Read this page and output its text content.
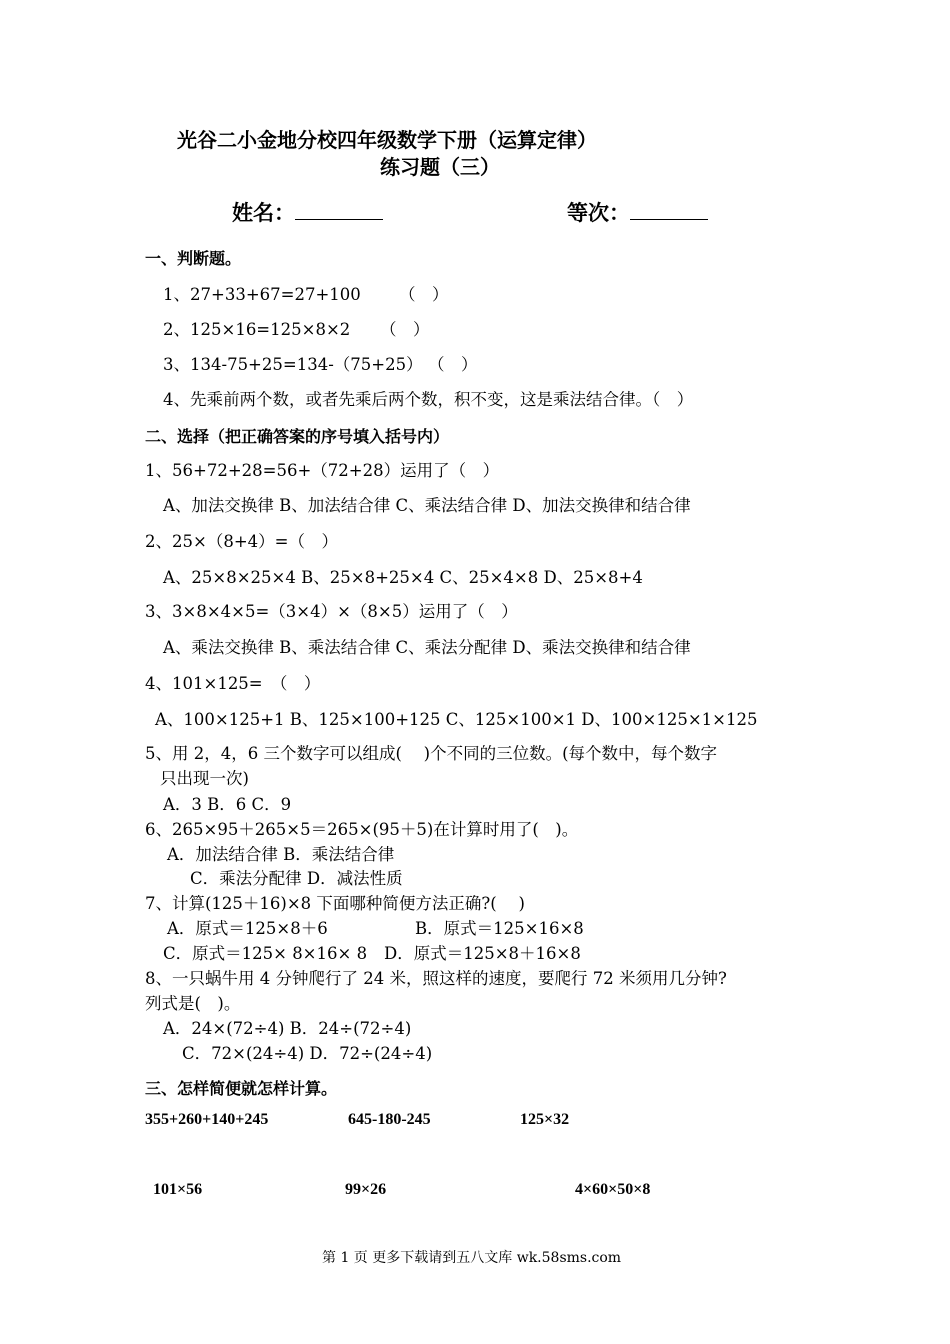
光谷二小金地分校四年级数学下册（运算定律）
练习题（三）
姓名：	等次：
一、判断题。
1、27+33+67=27+100 （　）
2、125×16=125×8×2 （　）
3、134-75+25=134-（75+25） （　）
4、先乘前两个数，或者先乘后两个数，积不变，这是乘法结合律。（　）
二、选择（把正确答案的序号填入括号内）
1、56+72+28=56+（72+28）运用了（　）
A、加法交换律 B、加法结合律 C、乘法结合律 D、加法交换律和结合律
2、25×（8+4）=（　）
A、25×8×25×4 B、25×8+25×4 C、25×4×8 D、25×8+4
3、3×8×4×5=（3×4）×（8×5）运用了（　）
A、乘法交换律 B、乘法结合律 C、乘法分配律 D、乘法交换律和结合律
4、101×125=　（　）
A、100×125+1 B、125×100+125 C、125×100×1 D、100×125×1×125
5、用 2，4，6 三个数字可以组成(　 )个不同的三位数。(每个数中，每个数字
只出现一次)
A．3 B．6 C．9
6、265×95＋265×5＝265×(95＋5)在计算时用了(　)。
A．加法结合律 B．乘法结合律
C．乘法分配律 D．减法性质
7、计算(125＋16)×8 下面哪种简便方法正确?(　 )
A．原式＝125×8＋6	B．原式＝125×16×8
C．原式＝125× 8×16× 8 D．原式＝125×8＋16×8
8、一只蜗牛用 4 分钟爬行了 24 米，照这样的速度，要爬行 72 米须用几分钟?
列式是(　)。
A．24×(72÷4) B．24÷(72÷4)
C．72×(24÷4) D．72÷(24÷4)
三、怎样简便就怎样计算。
355+260+140+245	645-180-245	125×32
101×56	99×26	4×60×50×8
第 1 页 更多下载请到五八文库 wk.58sms.com
